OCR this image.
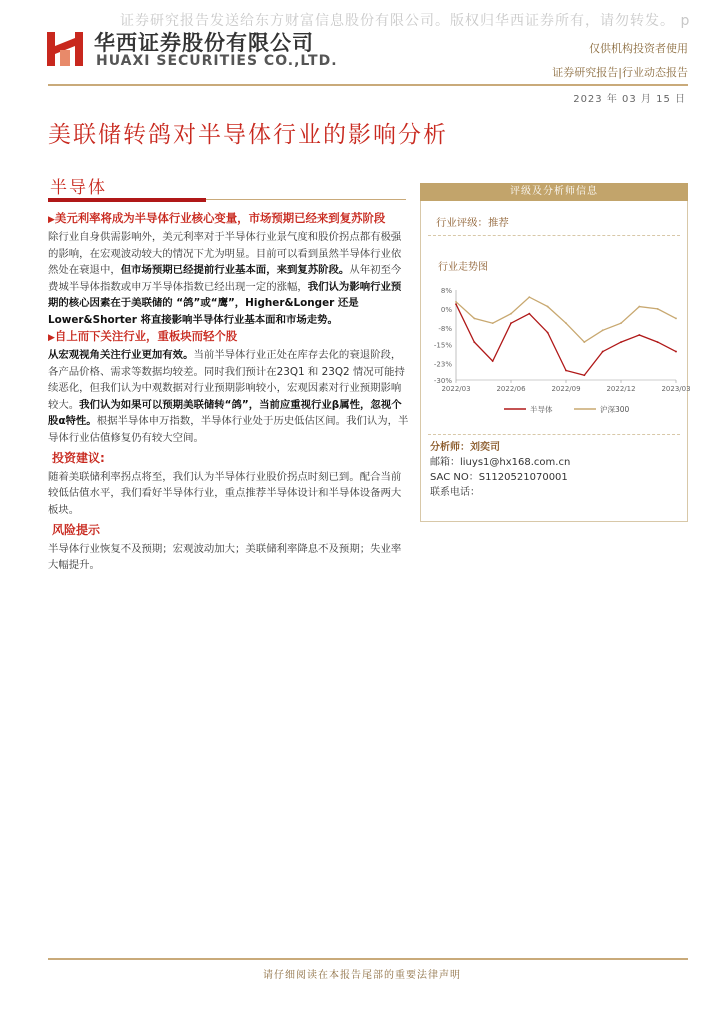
证券研究报告发送给东方财富信息股份有限公司。版权归华西证券所有，请勿转发。 p
华西证券股份有限公司
HUAXI SECURITIES CO.,LTD.
仅供机构投资者使用
证券研究报告|行业动态报告
2023 年 03 月 15 日
美联储转鸽对半导体行业的影响分析
半导体

▶美元利率将成为半导体行业核心变量，市场预期已经来到复苏阶段

除行业自身供需影响外，美元利率对于半导体行业景气度和股价拐点都有极强的影响，在宏观波动较大的情况下尤为明显。目前可以看到虽然半导体行业依然处在衰退中，但市场预期已经提前行业基本面，来到复苏阶段。从年初至今费城半导体指数或申万半导体指数已经出现一定的涨幅，我们认为影响行业预期的核心因素在于美联储的 “鸽”或“鹰”，Higher&Longer 还是Lower&Shorter 将直接影响半导体行业基本面和市场走势。

▶自上而下关注行业，重板块而轻个股

从宏观视角关注行业更加有效。当前半导体行业正处在库存去化的衰退阶段，各产品价格、需求等数据均较差。同时我们预计在23Q1 和 23Q2 情况可能持续恶化，但我们认为中观数据对行业预期影响较小，宏观因素对行业预期影响较大。我们认为如果可以预期美联储转“鸽”，当前应重视行业β属性，忽视个股α特性。根据半导体申万指数，半导体行业处于历史低估区间。我们认为，半导体行业估值修复仍有较大空间。

投资建议:

随着美联储利率拐点将至，我们认为半导体行业股价拐点时刻已到。配合当前较低估值水平，我们看好半导体行业，重点推荐半导体设计和半导体设备两大板块。

风险提示

半导体行业恢复不及预期；宏观波动加大；美联储利率降息不及预期；失业率大幅提升。

评级及分析师信息
行业评级：推荐
行业走势图
8%
0%
-8%
-15%
-23%
-30%
2022/03	2022/06	2022/09	2022/12	2023/03
半导体	沪深300
分析师：刘奕司
邮箱：liuys1@hx168.com.cn
SAC NO：S1120521070001
联系电话：
请仔细阅读在本报告尾部的重要法律声明
